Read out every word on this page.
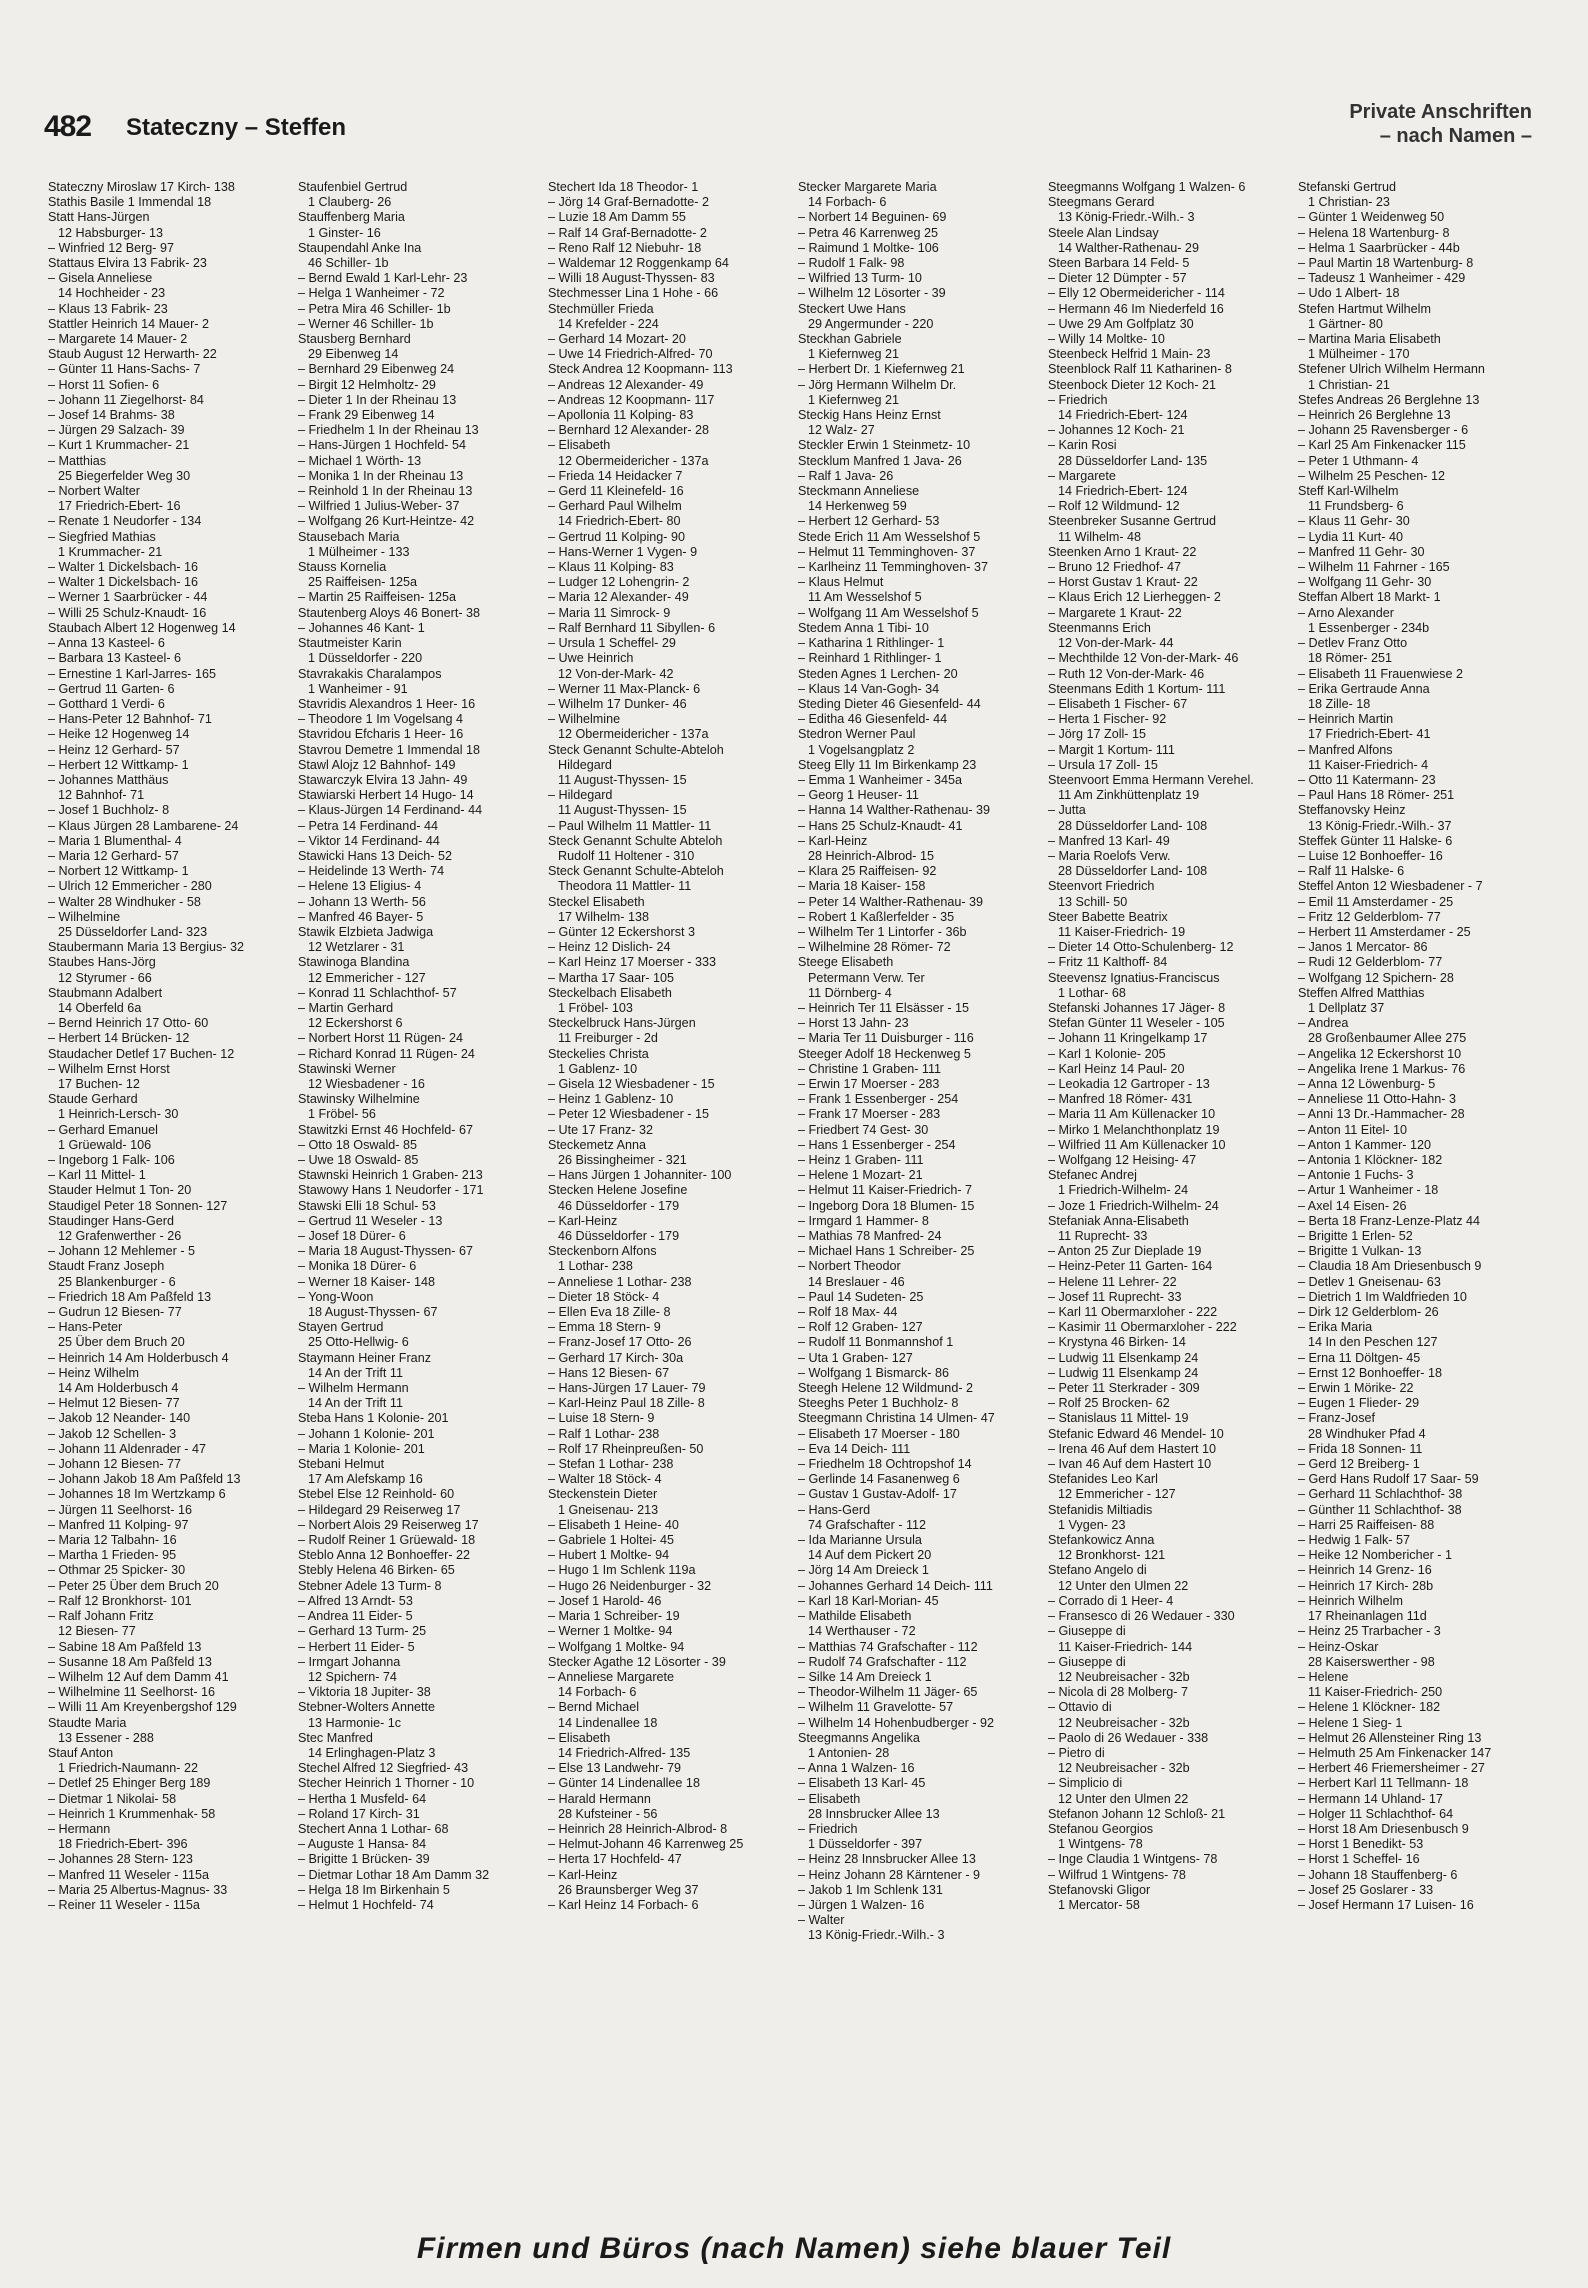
482 Stateczny – Steffen
Private Anschriften
– nach Namen –
Stateczny Miroslaw 17 Kirch- 138
Stathis Basile 1 Immendal 18
Statt Hans-Jürgen
12 Habsburger- 13
– Winfried 12 Berg- 97
Stattaus Elvira 13 Fabrik- 23
– Gisela Anneliese
14 Hochheider - 23
– Klaus 13 Fabrik- 23
Stattler Heinrich 14 Mauer- 2
– Margarete 14 Mauer- 2
Staub August 12 Herwarth- 22
– Günter 11 Hans-Sachs- 7
– Horst 11 Sofien- 6
– Johann 11 Ziegelhorst- 84
– Josef 14 Brahms- 38
– Jürgen 29 Salzach- 39
– Kurt 1 Krummacher- 21
– Matthias
25 Biegerfelder Weg 30
– Norbert Walter
17 Friedrich-Ebert- 16
– Renate 1 Neudorfer - 134
– Siegfried Mathias
1 Krummacher- 21
– Walter 1 Dickelsbach- 16
– Walter 1 Dickelsbach- 16
– Werner 1 Saarbrücker - 44
– Willi 25 Schulz-Knaudt- 16
Staubach Albert 12 Hogenweg 14
– Anna 13 Kasteel- 6
– Barbara 13 Kasteel- 6
– Ernestine 1 Karl-Jarres- 165
– Gertrud 11 Garten- 6
– Gotthard 1 Verdi- 6
– Hans-Peter 12 Bahnhof- 71
– Heike 12 Hogenweg 14
– Heinz 12 Gerhard- 57
– Herbert 12 Wittkamp- 1
– Johannes Matthäus
12 Bahnhof- 71
– Josef 1 Buchholz- 8
– Klaus Jürgen 28 Lambarene- 24
– Maria 1 Blumenthal- 4
– Maria 12 Gerhard- 57
– Norbert 12 Wittkamp- 1
– Ulrich 12 Emmericher - 280
– Walter 28 Windhuker - 58
– Wilhelmine
25 Düsseldorfer Land- 323
Staubermann Maria 13 Bergius- 32
Staubes Hans-Jörg
12 Styrumer - 66
Staubmann Adalbert
14 Oberfeld 6a
– Bernd Heinrich 17 Otto- 60
– Herbert 14 Brücken- 12
Staudacher Detlef 17 Buchen- 12
– Wilhelm Ernst Horst
17 Buchen- 12
Staude Gerhard
1 Heinrich-Lersch- 30
– Gerhard Emanuel
1 Grüewald- 106
– Ingeborg 1 Falk- 106
– Karl 11 Mittel- 1
Stauder Helmut 1 Ton- 20
Staudigel Peter 18 Sonnen- 127
Staudinger Hans-Gerd
12 Grafenwerther - 26
– Johann 12 Mehlemer - 5
Staudt Franz Joseph
25 Blankenburger - 6
– Friedrich 18 Am Paßfeld 13
– Gudrun 12 Biesen- 77
– Hans-Peter
25 Über dem Bruch 20
– Heinrich 14 Am Holderbusch 4
– Heinz Wilhelm
14 Am Holderbusch 4
– Helmut 12 Biesen- 77
– Jakob 12 Neander- 140
– Jakob 12 Schellen- 3
– Johann 11 Aldenrader - 47
– Johann 12 Biesen- 77
– Johann Jakob 18 Am Paßfeld 13
– Johannes 18 Im Wertzkamp 6
– Jürgen 11 Seelhorst- 16
– Manfred 11 Kolping- 97
– Maria 12 Talbahn- 16
– Martha 1 Frieden- 95
– Othmar 25 Spicker- 30
– Peter 25 Über dem Bruch 20
– Ralf 12 Bronkhorst- 101
– Ralf Johann Fritz
12 Biesen- 77
– Sabine 18 Am Paßfeld 13
– Susanne 18 Am Paßfeld 13
– Wilhelm 12 Auf dem Damm 41
– Wilhelmine 11 Seelhorst- 16
– Willi 11 Am Kreyenbergshof 129
Staudte Maria
13 Essener - 288
Stauf Anton
1 Friedrich-Naumann- 22
– Detlef 25 Ehinger Berg 189
– Dietmar 1 Nikolai- 58
– Heinrich 1 Krummenhak- 58
– Hermann
18 Friedrich-Ebert- 396
– Johannes 28 Stern- 123
– Manfred 11 Weseler - 115a
– Maria 25 Albertus-Magnus- 33
– Reiner 11 Weseler - 115a
Staufenbiel Gertrud
1 Clauberg- 26
Stauffenberg Maria
1 Ginster- 16
Staupendahl Anke Ina
46 Schiller- 1b
– Bernd Ewald 1 Karl-Lehr- 23
– Helga 1 Wanheimer - 72
– Petra Mira 46 Schiller- 1b
– Werner 46 Schiller- 1b
Stausberg Bernhard
29 Eibenweg 14
– Bernhard 29 Eibenweg 24
– Birgit 12 Helmholtz- 29
– Dieter 1 In der Rheinau 13
– Frank 29 Eibenweg 14
– Friedhelm 1 In der Rheinau 13
– Hans-Jürgen 1 Hochfeld- 54
– Michael 1 Wörth- 13
– Monika 1 In der Rheinau 13
– Reinhold 1 In der Rheinau 13
– Wilfried 1 Julius-Weber- 37
– Wolfgang 26 Kurt-Heintze- 42
Stausebach Maria
1 Mülheimer - 133
Stauss Kornelia
25 Raiffeisen- 125a
– Martin 25 Raiffeisen- 125a
Stautenberg Aloys 46 Bonert- 38
– Johannes 46 Kant- 1
Stautmeister Karin
1 Düsseldorfer - 220
Stavrakakis Charalampos
1 Wanheimer - 91
Stavridis Alexandros 1 Heer- 16
– Theodore 1 Im Vogelsang 4
Stavridou Efcharis 1 Heer- 16
Stavrou Demetre 1 Immendal 18
Stawl Alojz 12 Bahnhof- 149
Stawarczyk Elvira 13 Jahn- 49
Stawiarski Herbert 14 Hugo- 14
– Klaus-Jürgen 14 Ferdinand- 44
– Petra 14 Ferdinand- 44
– Viktor 14 Ferdinand- 44
Stawicki Hans 13 Deich- 52
– Heidelinde 13 Werth- 74
– Helene 13 Eligius- 4
– Johann 13 Werth- 56
– Manfred 46 Bayer- 5
Stawik Elzbieta Jadwiga
12 Wetzlarer - 31
Stawinoga Blandina
12 Emmericher - 127
– Konrad 11 Schlachthof- 57
– Martin Gerhard
12 Eckershorst 6
– Norbert Horst 11 Rügen- 24
– Richard Konrad 11 Rügen- 24
Stawinski Werner
12 Wiesbadener - 16
Stawinsky Wilhelmine
1 Fröbel- 56
Stawitzki Ernst 46 Hochfeld- 67
– Otto 18 Oswald- 85
– Uwe 18 Oswald- 85
Stawnski Heinrich 1 Graben- 213
Stawowy Hans 1 Neudorfer - 171
Stawski Elli 18 Schul- 53
– Gertrud 11 Weseler - 13
– Josef 18 Dürer- 6
– Maria 18 August-Thyssen- 67
– Monika 18 Dürer- 6
– Werner 18 Kaiser- 148
– Yong-Woon
18 August-Thyssen- 67
Stayen Gertrud
25 Otto-Hellwig- 6
Staymann Heiner Franz
14 An der Trift 11
– Wilhelm Hermann
14 An der Trift 11
Steba Hans 1 Kolonie- 201
– Johann 1 Kolonie- 201
– Maria 1 Kolonie- 201
Stebani Helmut
17 Am Alefskamp 16
Stebel Else 12 Reinhold- 60
– Hildegard 29 Reiserweg 17
– Norbert Alois 29 Reiserweg 17
– Rudolf Reiner 1 Grüewald- 18
Steblo Anna 12 Bonhoeffer- 22
Stebly Helena 46 Birken- 65
Stebner Adele 13 Turm- 8
– Alfred 13 Arndt- 53
– Andrea 11 Eider- 5
– Gerhard 13 Turm- 25
– Herbert 11 Eider- 5
– Irmgart Johanna
12 Spichern- 74
– Viktoria 18 Jupiter- 38
Stebner-Wolters Annette
13 Harmonie- 1c
Stec Manfred
14 Erlinghagen-Platz 3
Stechel Alfred 12 Siegfried- 43
Stecher Heinrich 1 Thorner - 10
– Hertha 1 Musfeld- 64
– Roland 17 Kirch- 31
Stechert Anna 1 Lothar- 68
– Auguste 1 Hansa- 84
– Brigitte 1 Brücken- 39
– Dietmar Lothar 18 Am Damm 32
– Helga 18 Im Birkenhain 5
– Helmut 1 Hochfeld- 74
Stechert Ida 18 Theodor- 1
– Jörg 14 Graf-Bernadotte- 2
– Luzie 18 Am Damm 55
– Ralf 14 Graf-Bernadotte- 2
– Reno Ralf 12 Niebuhr- 18
– Waldemar 12 Roggenkamp 64
– Willi 18 August-Thyssen- 83
Stechmesser Lina 1 Hohe - 66
Stechmüller Frieda
14 Krefelder - 224
– Gerhard 14 Mozart- 20
– Uwe 14 Friedrich-Alfred- 70
Steck Andrea 12 Koopmann- 113
– Andreas 12 Alexander- 49
– Andreas 12 Koopmann- 117
– Apollonia 11 Kolping- 83
– Bernhard 12 Alexander- 28
– Elisabeth
12 Obermeidericher - 137a
– Frieda 14 Heidacker 7
– Gerd 11 Kleinefeld- 16
– Gerhard Paul Wilhelm
14 Friedrich-Ebert- 80
– Gertrud 11 Kolping- 90
– Hans-Werner 1 Vygen- 9
– Klaus 11 Kolping- 83
– Ludger 12 Lohengrin- 2
– Maria 12 Alexander- 49
– Maria 11 Simrock- 9
– Ralf Bernhard 11 Sibyllen- 6
– Ursula 1 Scheffel- 29
– Uwe Heinrich
12 Von-der-Mark- 42
– Werner 11 Max-Planck- 6
– Wilhelm 17 Dunker- 46
– Wilhelmine
12 Obermeidericher - 137a
Steck Genannt Schulte-Abteloh
Hildegard
11 August-Thyssen- 15
– Hildegard
11 August-Thyssen- 15
– Paul Wilhelm 11 Mattler- 11
Steck Genannt Schulte Abteloh
Rudolf 11 Holtener - 310
Steck Genannt Schulte-Abteloh
Theodora 11 Mattler- 11
Steckel Elisabeth
17 Wilhelm- 138
– Günter 12 Eckershorst 3
– Heinz 12 Dislich- 24
– Karl Heinz 17 Moerser - 333
– Martha 17 Saar- 105
Steckelbach Elisabeth
1 Fröbel- 103
Steckelbruck Hans-Jürgen
11 Freiburger - 2d
Steckelies Christa
1 Gablenz- 10
– Gisela 12 Wiesbadener - 15
– Heinz 1 Gablenz- 10
– Peter 12 Wiesbadener - 15
– Ute 17 Franz- 32
Steckemetz Anna
26 Bissingheimer - 321
– Hans Jürgen 1 Johanniter- 100
Stecken Helene Josefine
46 Düsseldorfer - 179
– Karl-Heinz
46 Düsseldorfer - 179
Steckenborn Alfons
1 Lothar- 238
– Anneliese 1 Lothar- 238
– Dieter 18 Stöck- 4
– Ellen Eva 18 Zille- 8
– Emma 18 Stern- 9
– Franz-Josef 17 Otto- 26
– Gerhard 17 Kirch- 30a
– Hans 12 Biesen- 67
– Hans-Jürgen 17 Lauer- 79
– Karl-Heinz Paul 18 Zille- 8
– Luise 18 Stern- 9
– Ralf 1 Lothar- 238
– Rolf 17 Rheinpreußen- 50
– Stefan 1 Lothar- 238
– Walter 18 Stöck- 4
Steckenstein Dieter
1 Gneisenau- 213
– Elisabeth 1 Heine- 40
– Gabriele 1 Holtei- 45
– Hubert 1 Moltke- 94
– Hugo 1 Im Schlenk 119a
– Hugo 26 Neidenburger - 32
– Josef 1 Harold- 46
– Maria 1 Schreiber- 19
– Werner 1 Moltke- 94
– Wolfgang 1 Moltke- 94
Stecker Agathe 12 Lösorter - 39
– Anneliese Margarete
14 Forbach- 6
– Bernd Michael
14 Lindenallee 18
– Elisabeth
14 Friedrich-Alfred- 135
– Else 13 Landwehr- 79
– Günter 14 Lindenallee 18
– Harald Hermann
28 Kufsteiner - 56
– Heinrich 28 Heinrich-Albrod- 8
– Helmut-Johann 46 Karrenweg 25
– Herta 17 Hochfeld- 47
– Karl-Heinz
26 Braunsberger Weg 37
– Karl Heinz 14 Forbach- 6
Stecker Margarete Maria
14 Forbach- 6
– Norbert 14 Beguinen- 69
– Petra 46 Karrenweg 25
– Raimund 1 Moltke- 106
– Rudolf 1 Falk- 98
– Wilfried 13 Turm- 10
– Wilhelm 12 Lösorter - 39
Steckert Uwe Hans
29 Angermunder - 220
Steckhan Gabriele
1 Kiefernweg 21
– Herbert Dr. 1 Kiefernweg 21
– Jörg Hermann Wilhelm Dr.
1 Kiefernweg 21
Steckig Hans Heinz Ernst
12 Walz- 27
Steckler Erwin 1 Steinmetz- 10
Stecklum Manfred 1 Java- 26
– Ralf 1 Java- 26
Steckmann Anneliese
14 Herkenweg 59
– Herbert 12 Gerhard- 53
Stede Erich 11 Am Wesselshof 5
– Helmut 11 Temminghoven- 37
– Karlheinz 11 Temminghoven- 37
– Klaus Helmut
11 Am Wesselshof 5
– Wolfgang 11 Am Wesselshof 5
Stedem Anna 1 Tibi- 10
– Katharina 1 Rithlinger- 1
– Reinhard 1 Rithlinger- 1
Steden Agnes 1 Lerchen- 20
– Klaus 14 Van-Gogh- 34
Steding Dieter 46 Giesenfeld- 44
– Editha 46 Giesenfeld- 44
Stedron Werner Paul
1 Vogelsangplatz 2
Steeg Elly 11 Im Birkenkamp 23
– Emma 1 Wanheimer - 345a
– Georg 1 Heuser- 11
– Hanna 14 Walther-Rathenau- 39
– Hans 25 Schulz-Knaudt- 41
– Karl-Heinz
28 Heinrich-Albrod- 15
– Klara 25 Raiffeisen- 92
– Maria 18 Kaiser- 158
– Peter 14 Walther-Rathenau- 39
– Robert 1 Kaßlerfelder - 35
– Wilhelm Ter 1 Lintorfer - 36b
– Wilhelmine 28 Römer- 72
Steege Elisabeth
Petermann Verw. Ter
11 Dörnberg- 4
– Heinrich Ter 11 Elsässer - 15
– Horst 13 Jahn- 23
– Maria Ter 11 Duisburger - 116
Steeger Adolf 18 Heckenweg 5
– Christine 1 Graben- 111
– Erwin 17 Moerser - 283
– Frank 1 Essenberger - 254
– Frank 17 Moerser - 283
– Friedbert 74 Gest- 30
– Hans 1 Essenberger - 254
– Heinz 1 Graben- 111
– Helene 1 Mozart- 21
– Helmut 11 Kaiser-Friedrich- 7
– Ingeborg Dora 18 Blumen- 15
– Irmgard 1 Hammer- 8
– Mathias 78 Manfred- 24
– Michael Hans 1 Schreiber- 25
– Norbert Theodor
14 Breslauer - 46
– Paul 14 Sudeten- 25
– Rolf 18 Max- 44
– Rolf 12 Graben- 127
– Rudolf 11 Bonmannshof 1
– Uta 1 Graben- 127
– Wolfgang 1 Bismarck- 86
Steegh Helene 12 Wildmund- 2
Steeghs Peter 1 Buchholz- 8
Steegmann Christina 14 Ulmen- 47
– Elisabeth 17 Moerser - 180
– Eva 14 Deich- 111
– Friedhelm 18 Ochtropshof 14
– Gerlinde 14 Fasanenweg 6
– Gustav 1 Gustav-Adolf- 17
– Hans-Gerd
74 Grafschafter - 112
– Ida Marianne Ursula
14 Auf dem Pickert 20
– Jörg 14 Am Dreieck 1
– Johannes Gerhard 14 Deich- 111
– Karl 18 Karl-Morian- 45
– Mathilde Elisabeth
14 Werthauser - 72
– Matthias 74 Grafschafter - 112
– Rudolf 74 Grafschafter - 112
– Silke 14 Am Dreieck 1
– Theodor-Wilhelm 11 Jäger- 65
– Wilhelm 11 Gravelotte- 57
– Wilhelm 14 Hohenbudberger - 92
Steegmanns Angelika
1 Antonien- 28
– Anna 1 Walzen- 16
– Elisabeth 13 Karl- 45
– Elisabeth
28 Innsbrucker Allee 13
– Friedrich
1 Düsseldorfer - 397
– Heinz 28 Innsbrucker Allee 13
– Heinz Johann 28 Kärntener - 9
– Jakob 1 Im Schlenk 131
– Jürgen 1 Walzen- 16
– Walter
13 König-Friedr.-Wilh.- 3
Steegmanns Wolfgang 1 Walzen- 6
Steegmans Gerard
13 König-Friedr.-Wilh.- 3
Steele Alan Lindsay
14 Walther-Rathenau- 29
Steen Barbara 14 Feld- 5
– Dieter 12 Dümpter - 57
– Elly 12 Obermeidericher - 114
– Hermann 46 Im Niederfeld 16
– Uwe 29 Am Golfplatz 30
– Willy 14 Moltke- 10
Steenbeck Helfrid 1 Main- 23
Steenblock Ralf 11 Katharinen- 8
Steenbock Dieter 12 Koch- 21
– Friedrich
14 Friedrich-Ebert- 124
– Johannes 12 Koch- 21
– Karin Rosi
28 Düsseldorfer Land- 135
– Margarete
14 Friedrich-Ebert- 124
– Rolf 12 Wildmund- 12
Steenbreker Susanne Gertrud
11 Wilhelm- 48
Steenken Arno 1 Kraut- 22
– Bruno 12 Friedhof- 47
– Horst Gustav 1 Kraut- 22
– Klaus Erich 12 Lierheggen- 2
– Margarete 1 Kraut- 22
Steenmanns Erich
12 Von-der-Mark- 44
– Mechthilde 12 Von-der-Mark- 46
– Ruth 12 Von-der-Mark- 46
Steenmans Edith 1 Kortum- 111
– Elisabeth 1 Fischer- 67
– Herta 1 Fischer- 92
– Jörg 17 Zoll- 15
– Margit 1 Kortum- 111
– Ursula 17 Zoll- 15
Steenvoort Emma Hermann Verehel.
11 Am Zinkhüttenplatz 19
– Jutta
28 Düsseldorfer Land- 108
– Manfred 13 Karl- 49
– Maria Roelofs Verw.
28 Düsseldorfer Land- 108
Steenvort Friedrich
13 Schill- 50
Steer Babette Beatrix
11 Kaiser-Friedrich- 19
– Dieter 14 Otto-Schulenberg- 12
– Fritz 11 Kalthoff- 84
Steevensz Ignatius-Franciscus
1 Lothar- 68
Stefanski Johannes 17 Jäger- 8
Stefan Günter 11 Weseler - 105
– Johann 11 Kringelkamp 17
– Karl 1 Kolonie- 205
– Karl Heinz 14 Paul- 20
– Leokadia 12 Gartroper - 13
– Manfred 18 Römer- 431
– Maria 11 Am Küllenacker 10
– Mirko 1 Melanchthonplatz 19
– Wilfried 11 Am Küllenacker 10
– Wolfgang 12 Heising- 47
Stefanec Andrej
1 Friedrich-Wilhelm- 24
– Joze 1 Friedrich-Wilhelm- 24
Stefaniak Anna-Elisabeth
11 Ruprecht- 33
– Anton 25 Zur Dieplade 19
– Heinz-Peter 11 Garten- 164
– Helene 11 Lehrer- 22
– Josef 11 Ruprecht- 33
– Karl 11 Obermarxloher - 222
– Kasimir 11 Obermarxloher - 222
– Krystyna 46 Birken- 14
– Ludwig 11 Elsenkamp 24
– Ludwig 11 Elsenkamp 24
– Peter 11 Sterkrader - 309
– Rolf 25 Brocken- 62
– Stanislaus 11 Mittel- 19
Stefanic Edward 46 Mendel- 10
– Irena 46 Auf dem Hastert 10
– Ivan 46 Auf dem Hastert 10
Stefanides Leo Karl
12 Emmericher - 127
Stefanidis Miltiadis
1 Vygen- 23
Stefankowicz Anna
12 Bronkhorst- 121
Stefano Angelo di
12 Unter den Ulmen 22
– Corrado di 1 Heer- 4
– Fransesco di 26 Wedauer - 330
– Giuseppe di
11 Kaiser-Friedrich- 144
– Giuseppe di
12 Neubreisacher - 32b
– Nicola di 28 Molberg- 7
– Ottavio di
12 Neubreisacher - 32b
– Paolo di 26 Wedauer - 338
– Pietro di
12 Neubreisacher - 32b
– Simplicio di
12 Unter den Ulmen 22
Stefanon Johann 12 Schloß- 21
Stefanou Georgios
1 Wintgens- 78
– Inge Claudia 1 Wintgens- 78
– Wilfrud 1 Wintgens- 78
Stefanovski Gligor
1 Mercator- 58
Stefanski Gertrud
1 Christian- 23
– Günter 1 Weidenweg 50
– Helena 18 Wartenburg- 8
– Helma 1 Saarbrücker - 44b
– Paul Martin 18 Wartenburg- 8
– Tadeusz 1 Wanheimer - 429
– Udo 1 Albert- 18
Stefen Hartmut Wilhelm
1 Gärtner- 80
– Martina Maria Elisabeth
1 Mülheimer - 170
Stefener Ulrich Wilhelm Hermann
1 Christian- 21
Stefes Andreas 26 Berglehne 13
– Heinrich 26 Berglehne 13
– Johann 25 Ravensberger - 6
– Karl 25 Am Finkenacker 115
– Peter 1 Uthmann- 4
– Wilhelm 25 Peschen- 12
Steff Karl-Wilhelm
11 Frundsberg- 6
– Klaus 11 Gehr- 30
– Lydia 11 Kurt- 40
– Manfred 11 Gehr- 30
– Wilhelm 11 Fahrner - 165
– Wolfgang 11 Gehr- 30
Steffan Albert 18 Markt- 1
– Arno Alexander
1 Essenberger - 234b
– Detlev Franz Otto
18 Römer- 251
– Elisabeth 11 Frauenwiese 2
– Erika Gertraude Anna
18 Zille- 18
– Heinrich Martin
17 Friedrich-Ebert- 41
– Manfred Alfons
11 Kaiser-Friedrich- 4
– Otto 11 Katermann- 23
– Paul Hans 18 Römer- 251
Steffanovsky Heinz
13 König-Friedr.-Wilh.- 37
Steffek Günter 11 Halske- 6
– Luise 12 Bonhoeffer- 16
– Ralf 11 Halske- 6
Steffel Anton 12 Wiesbadener - 7
– Emil 11 Amsterdamer - 25
– Fritz 12 Gelderblom- 77
– Herbert 11 Amsterdamer - 25
– Janos 1 Mercator- 86
– Rudi 12 Gelderblom- 77
– Wolfgang 12 Spichern- 28
Steffen Alfred Matthias
1 Dellplatz 37
– Andrea
28 Großenbaumer Allee 275
– Angelika 12 Eckershorst 10
– Angelika Irene 1 Markus- 76
– Anna 12 Löwenburg- 5
– Anneliese 11 Otto-Hahn- 3
– Anni 13 Dr.-Hammacher- 28
– Anton 11 Eitel- 10
– Anton 1 Kammer- 120
– Antonia 1 Klöckner- 182
– Antonie 1 Fuchs- 3
– Artur 1 Wanheimer - 18
– Axel 14 Eisen- 26
– Berta 18 Franz-Lenze-Platz 44
– Brigitte 1 Erlen- 52
– Brigitte 1 Vulkan- 13
– Claudia 18 Am Driesenbusch 9
– Detlev 1 Gneisenau- 63
– Dietrich 1 Im Waldfrieden 10
– Dirk 12 Gelderblom- 26
– Erika Maria
14 In den Peschen 127
– Erna 11 Döltgen- 45
– Ernst 12 Bonhoeffer- 18
– Erwin 1 Mörike- 22
– Eugen 1 Flieder- 29
– Franz-Josef
28 Windhuker Pfad 4
– Frida 18 Sonnen- 11
– Gerd 12 Breiberg- 1
– Gerd Hans Rudolf 17 Saar- 59
– Gerhard 11 Schlachthof- 38
– Günther 11 Schlachthof- 38
– Harri 25 Raiffeisen- 88
– Hedwig 1 Falk- 57
– Heike 12 Nombericher - 1
– Heinrich 14 Grenz- 16
– Heinrich 17 Kirch- 28b
– Heinrich Wilhelm
17 Rheinanlagen 11d
– Heinz 25 Trarbacher - 3
– Heinz-Oskar
28 Kaiserswerther - 98
– Helene
11 Kaiser-Friedrich- 250
– Helene 1 Klöckner- 182
– Helene 1 Sieg- 1
– Helmut 26 Allensteiner Ring 13
– Helmuth 25 Am Finkenacker 147
– Herbert 46 Friemersheimer - 27
– Herbert Karl 11 Tellmann- 18
– Hermann 14 Uhland- 17
– Holger 11 Schlachthof- 64
– Horst 18 Am Driesenbusch 9
– Horst 1 Benedikt- 53
– Horst 1 Scheffel- 16
– Johann 18 Stauffenberg- 6
– Josef 25 Goslarer - 33
– Josef Hermann 17 Luisen- 16
Firmen und Büros (nach Namen) siehe blauer Teil
